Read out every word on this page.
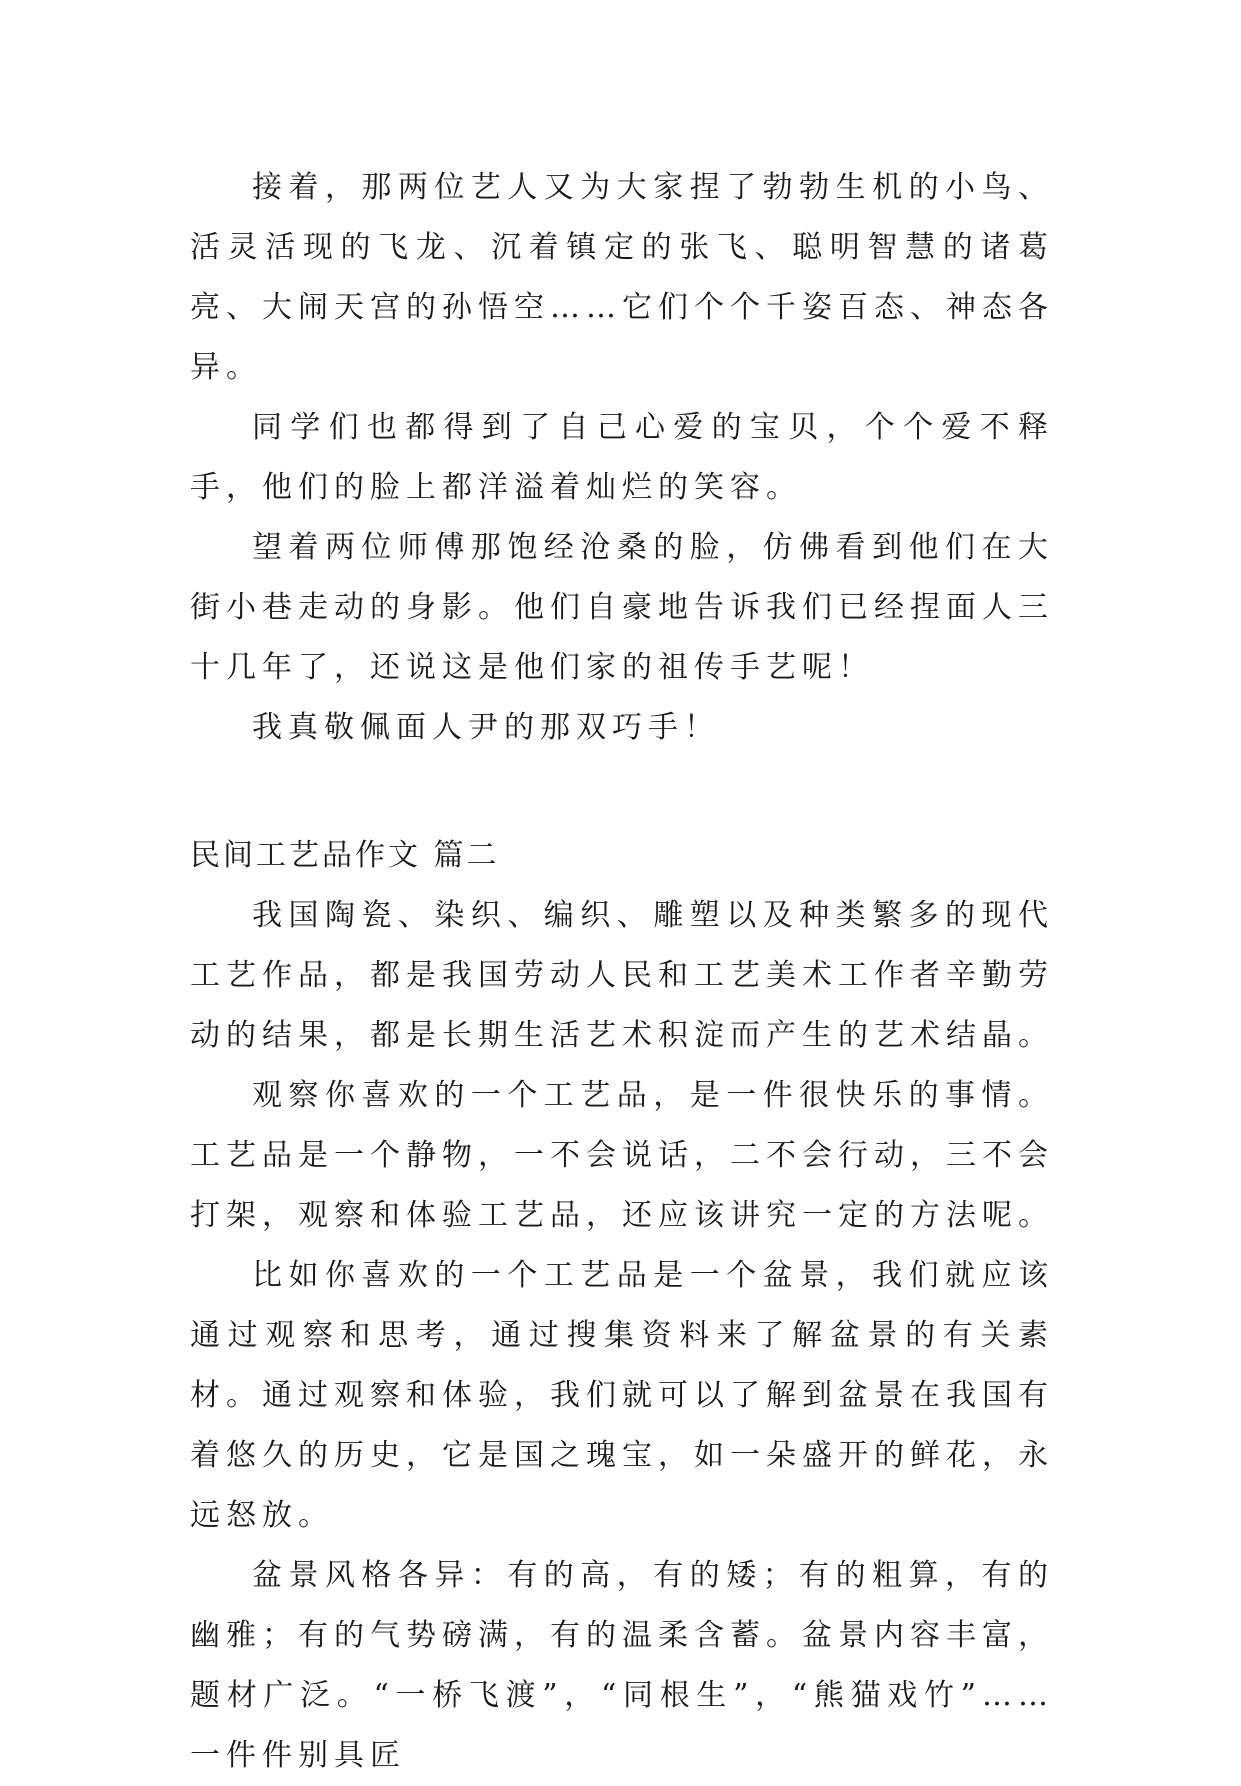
接着，那两位艺人又为大家捏了勃勃生机的小鸟、活灵活现的飞龙、沉着镇定的张飞、聪明智慧的诸葛亮、大闹天宫的孙悟空……它们个个千姿百态、神态各异。

同学们也都得到了自己心爱的宝贝，个个爱不释手，他们的脸上都洋溢着灿烂的笑容。

望着两位师傅那饱经沧桑的脸，仿佛看到他们在大街小巷走动的身影。他们自豪地告诉我们已经捏面人三十几年了，还说这是他们家的祖传手艺呢！

我真敬佩面人尹的那双巧手！

民间工艺品作文 篇二

我国陶瓷、染织、编织、雕塑以及种类繁多的现代工艺作品，都是我国劳动人民和工艺美术工作者辛勤劳动的结果，都是长期生活艺术积淀而产生的艺术结晶。

观察你喜欢的一个工艺品，是一件很快乐的事情。工艺品是一个静物，一不会说话，二不会行动，三不会打架，观察和体验工艺品，还应该讲究一定的方法呢。

比如你喜欢的一个工艺品是一个盆景，我们就应该通过观察和思考，通过搜集资料来了解盆景的有关素材。通过观察和体验，我们就可以了解到盆景在我国有着悠久的历史，它是国之瑰宝，如一朵盛开的鲜花，永远怒放。

盆景风格各异：有的高，有的矮；有的粗算，有的幽雅；有的气势磅满，有的温柔含蓄。盆景内容丰富，题材广泛。“一桥飞渡”，“同根生”，“熊猫戏竹”……一件件别具匠
